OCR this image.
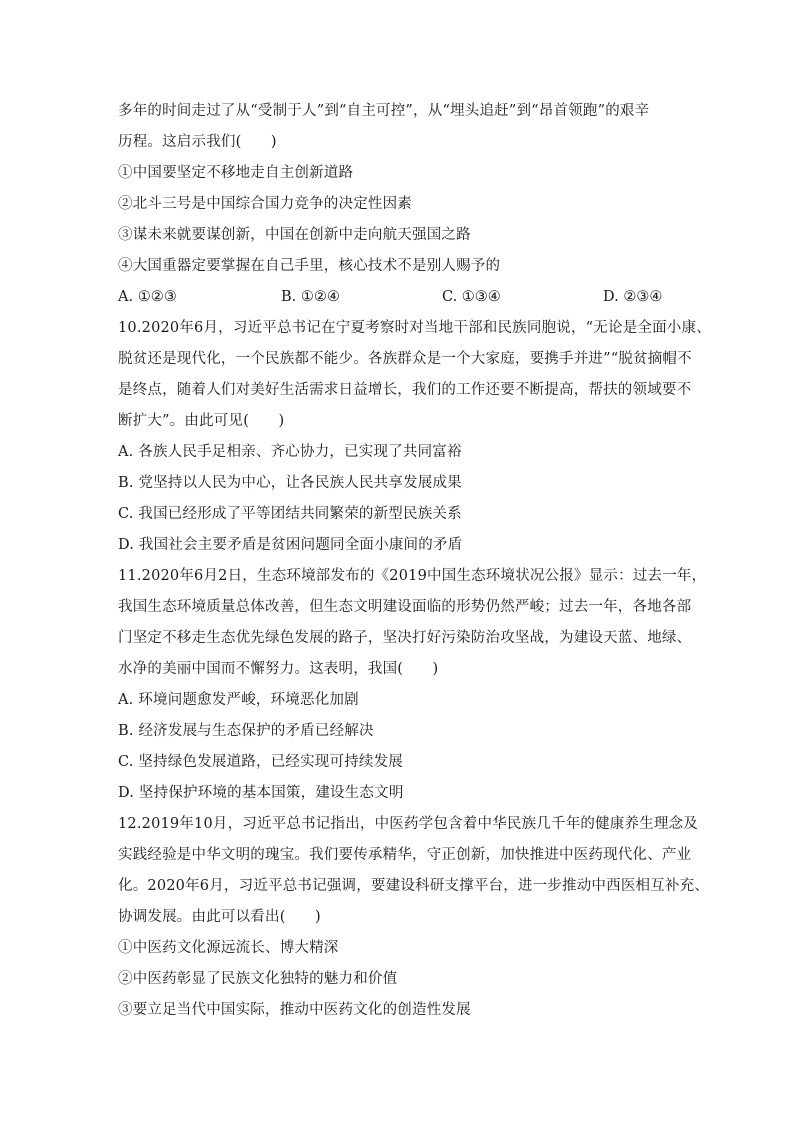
多年的时间走过了从“受制于人”到“自主可控”，从“埋头追赶”到“昂首领跑”的艰辛
历程。这启示我们(　　)
①中国要坚定不移地走自主创新道路
②北斗三号是中国综合国力竞争的决定性因素
③谋未来就要谋创新，中国在创新中走向航天强国之路
④大国重器定要掌握在自己手里，核心技术不是别人赐予的
A. ①②③	B. ①②④	C. ①③④	D. ②③④
10.2020年6月，习近平总书记在宁夏考察时对当地干部和民族同胞说，“无论是全面小康、
脱贫还是现代化，一个民族都不能少。各族群众是一个大家庭，要携手并进”“脱贫摘帽不
是终点，随着人们对美好生活需求日益增长，我们的工作还要不断提高，帮扶的领域要不
断扩大”。由此可见(　　)
A. 各族人民手足相亲、齐心协力，已实现了共同富裕
B. 党坚持以人民为中心，让各民族人民共享发展成果
C. 我国已经形成了平等团结共同繁荣的新型民族关系
D. 我国社会主要矛盾是贫困问题同全面小康间的矛盾
11.2020年6月2日，生态环境部发布的《2019中国生态环境状况公报》显示：过去一年，
我国生态环境质量总体改善，但生态文明建设面临的形势仍然严峻；过去一年，各地各部
门坚定不移走生态优先绿色发展的路子，坚决打好污染防治攻坚战，为建设天蓝、地绿、
水净的美丽中国而不懈努力。这表明，我国(　　)
A. 环境问题愈发严峻，环境恶化加剧
B. 经济发展与生态保护的矛盾已经解决
C. 坚持绿色发展道路，已经实现可持续发展
D. 坚持保护环境的基本国策，建设生态文明
12.2019年10月，习近平总书记指出，中医药学包含着中华民族几千年的健康养生理念及
实践经验是中华文明的瑰宝。我们要传承精华，守正创新，加快推进中医药现代化、产业
化。2020年6月，习近平总书记强调，要建设科研支撑平台，进一步推动中西医相互补充、
协调发展。由此可以看出(　　)
①中医药文化源远流长、博大精深
②中医药彰显了民族文化独特的魅力和价值
③要立足当代中国实际，推动中医药文化的创造性发展
